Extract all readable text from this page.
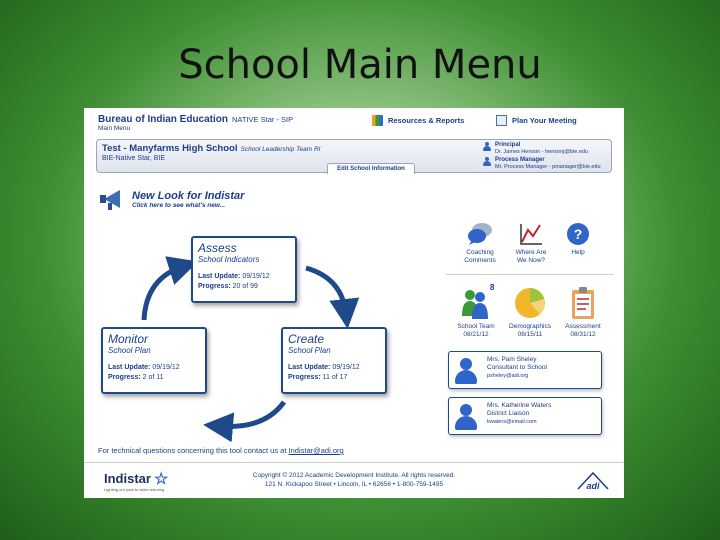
School Main Menu
Bureau of Indian Education NATIVE Star - SIP
Main Menu
Resources & Reports	Plan Your Meeting
Test - Manyfarms High School School Leadership Team RI
BIE-Native Star, BIE
Edit School Information
Principal
Dr. James Henson - hensonj@bie.edu
Process Manager
Mr. Process Manager - pmanager@bie.edu
New Look for Indistar
Click here to see what's new...
Assess
School Indicators
Last Update: 09/19/12
Progress: 20 of 99
Create
School Plan
Last Update: 09/19/12
Progress: 11 of 17
Monitor
School Plan
Last Update: 09/19/12
Progress: 2 of 11
Coaching
Comments
Where Are
We Now?
?
Help
8
School Team
08/21/12
Demographics
08/15/11
Assessment
08/31/12
Mrs. Pam Sheley
Consultant to School
psheley@adi.org
Mrs. Katherine Waters
District Liaison
kwaters@email.com
For technical questions concerning this tool contact us at Indistar@adi.org
Indistar ☆
Lighting our path to wider learning
Copyright © 2012 Academic Development Institute. All rights reserved.
121 N. Kickapoo Street • Lincoln, IL • 62656 • 1-800-759-1495	adi
